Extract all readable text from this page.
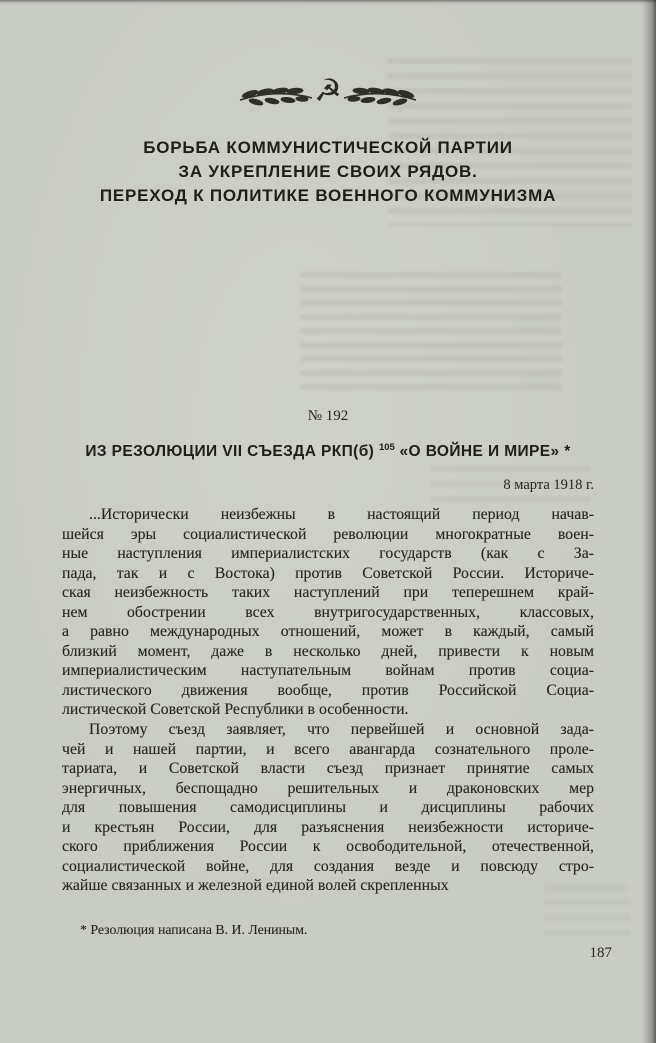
☭
БОРЬБА КОММУНИСТИЧЕСКОЙ ПАРТИИ
ЗА УКРЕПЛЕНИЕ СВОИХ РЯДОВ.
ПЕРЕХОД К ПОЛИТИКЕ ВОЕННОГО КОММУНИЗМА
№ 192
ИЗ РЕЗОЛЮЦИИ VII СЪЕЗДА РКП(б) $^{105}$ «О ВОЙНЕ И МИРЕ» *
8 марта 1918 г.
...Исторически неизбежны в настоящий период начав-
шейся эры социалистической революции многократные воен-
ные наступления империалистских государств (как с За-
пада, так и с Востока) против Советской России. Историче-
ская неизбежность таких наступлений при теперешнем край-
нем обострении всех внутригосударственных, классовых,
а равно международных отношений, может в каждый, самый
близкий момент, даже в несколько дней, привести к новым
империалистическим наступательным войнам против социа-
листического движения вообще, против Российской Социа-
листической Советской Республики в особенности.
Поэтому съезд заявляет, что первейшей и основной зада-
чей и нашей партии, и всего авангарда сознательного проле-
тариата, и Советской власти съезд признает принятие самых
энергичных, беспощадно решительных и драконовских мер
для повышения самодисциплины и дисциплины рабочих
и крестьян России, для разъяснения неизбежности историче-
ского приближения России к освободительной, отечественной,
социалистической войне, для создания везде и повсюду стро-
жайше связанных и железной единой волей скрепленных
* Резолюция написана В. И. Лениным.
187
